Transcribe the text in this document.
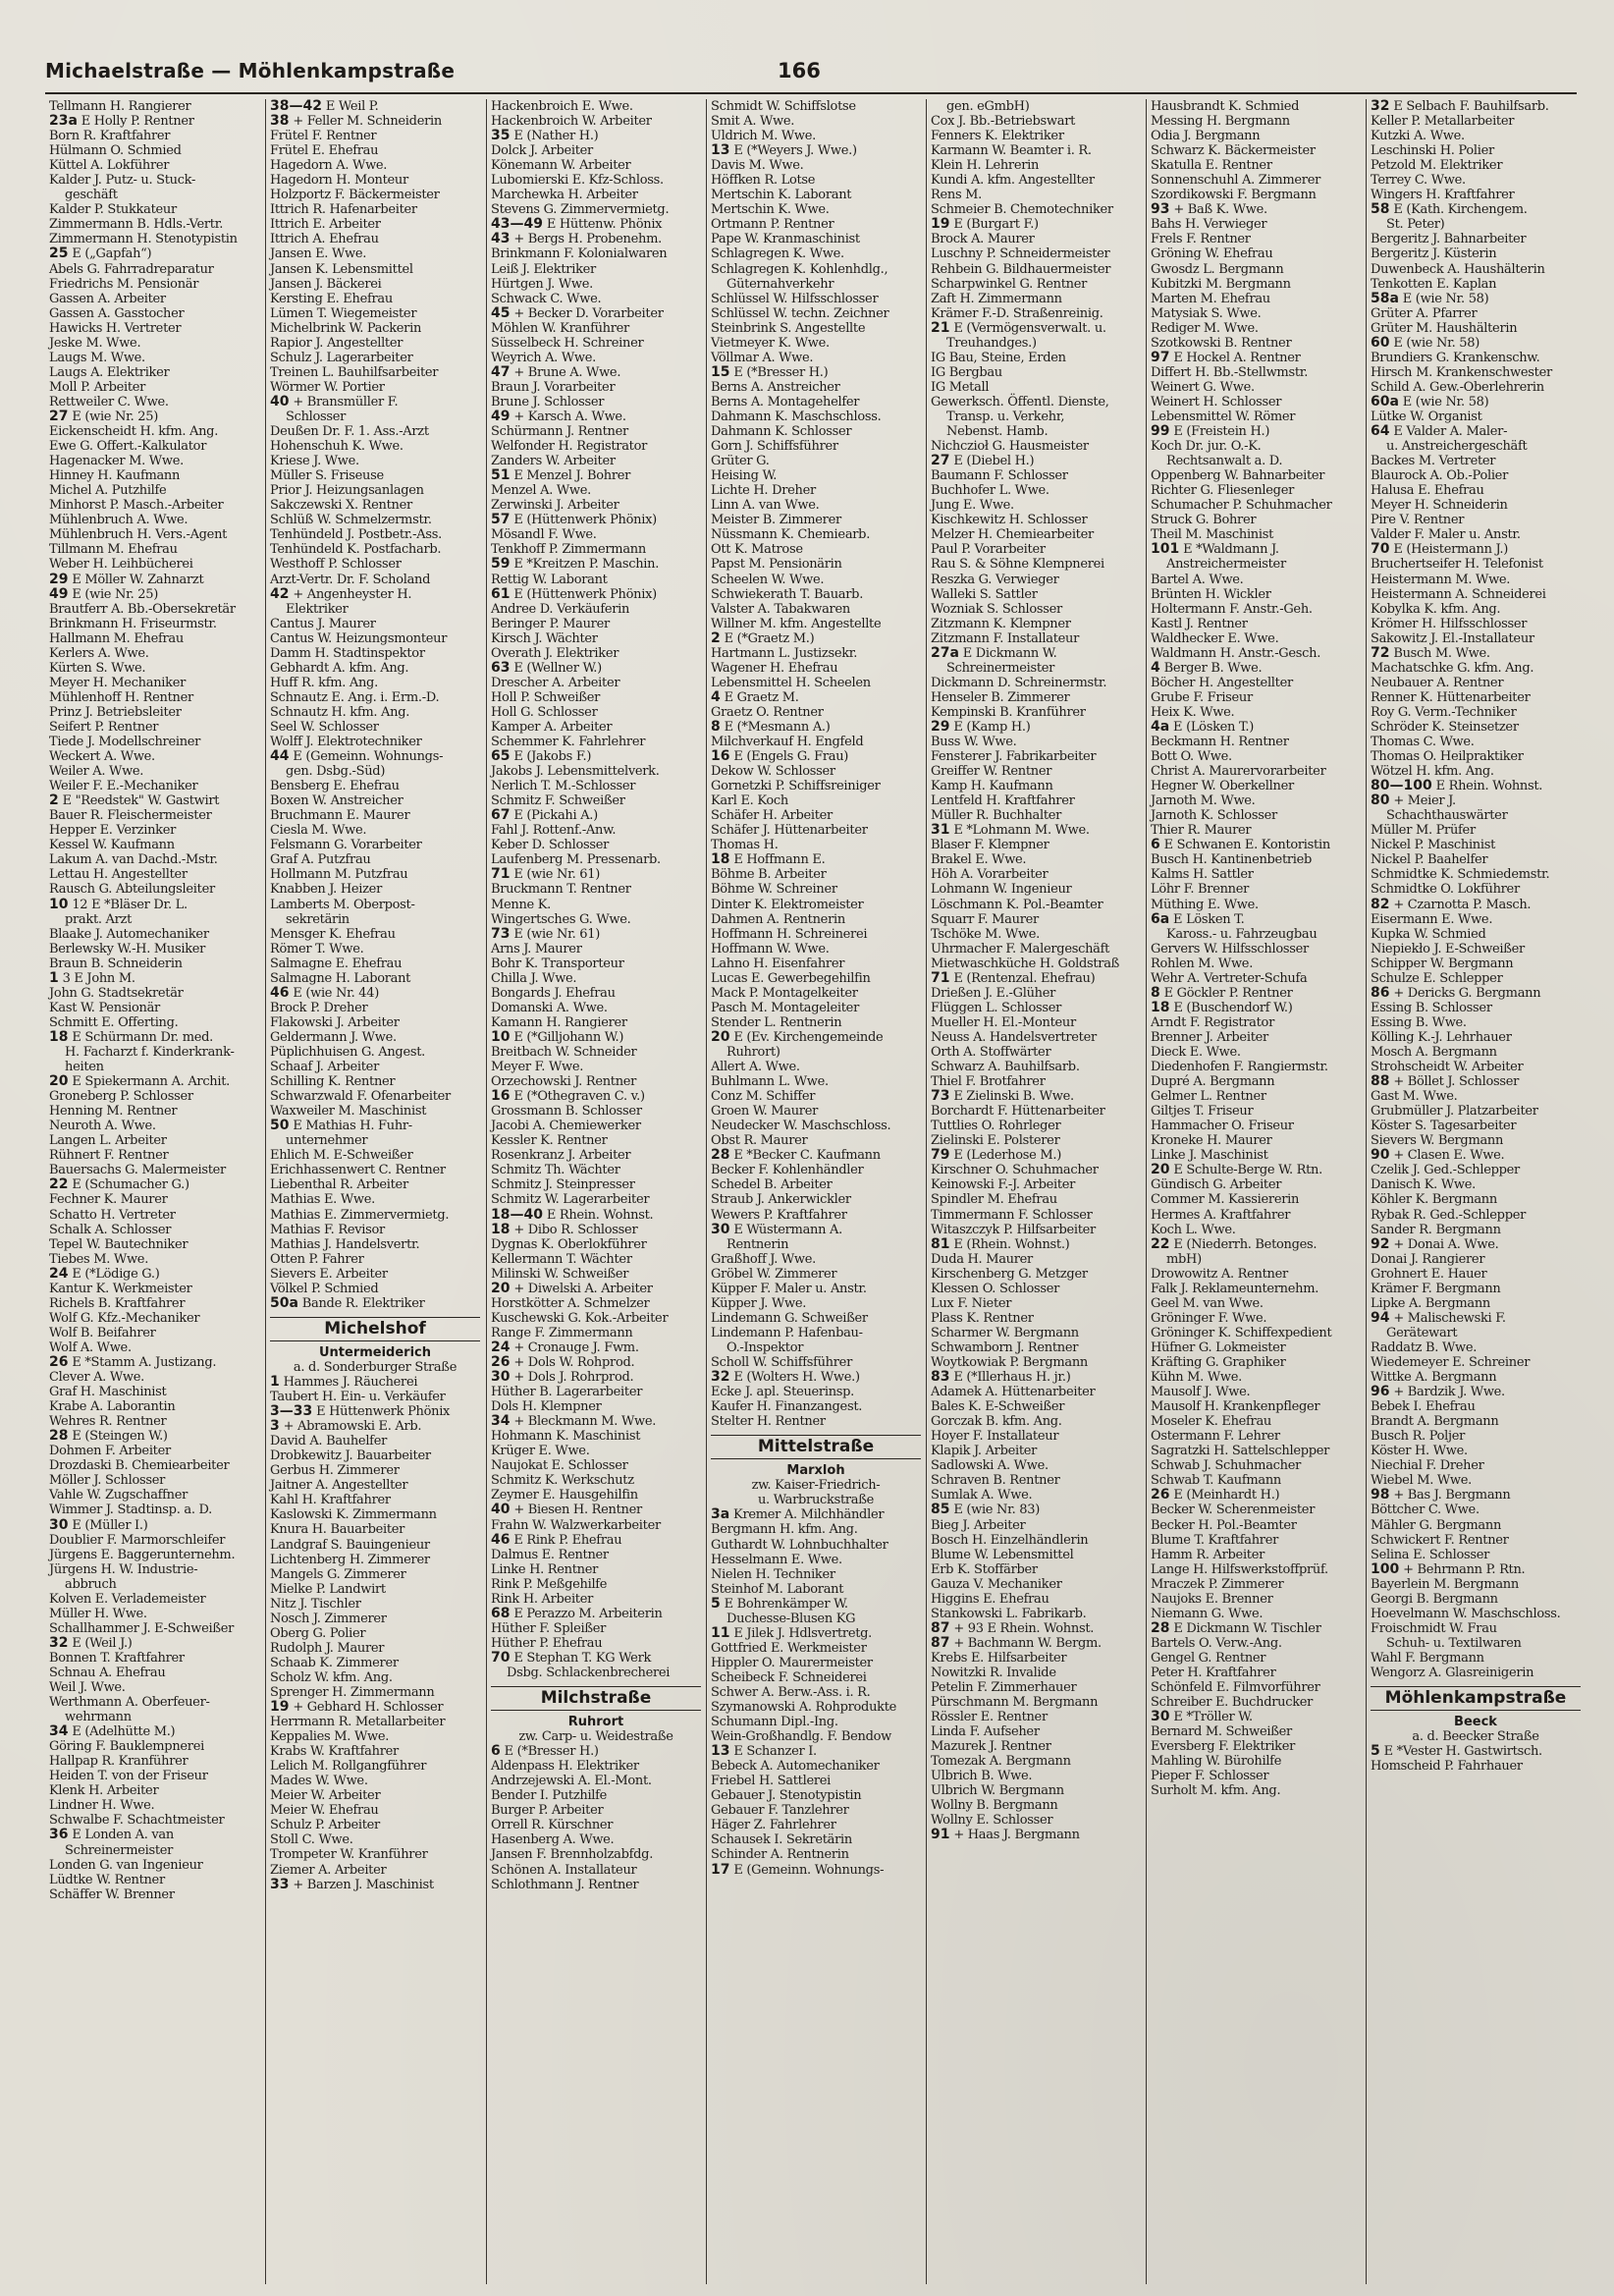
Michaelstraße — Möhlenkampstraße	166
Tellmann H. Rangierer
23a E Holly P. Rentner
Born R. Kraftfahrer
Hülmann O. Schmied
Küttel A. Lokführer
Kalder J. Putz- u. Stuck-
geschäft
Kalder P. Stukkateur
Zimmermann B. Hdls.-Vertr.
Zimmermann H. Stenotypistin
25 E („Gapfah“)
Abels G. Fahrradreparatur
Friedrichs M. Pensionär
Gassen A. Arbeiter
Gassen A. Gasstocher
Hawicks H. Vertreter
Jeske M. Wwe.
Laugs M. Wwe.
Laugs A. Elektriker
Moll P. Arbeiter
Rettweiler C. Wwe.
27 E (wie Nr. 25)
Eickenscheidt H. kfm. Ang.
Ewe G. Offert.-Kalkulator
Hagenacker M. Wwe.
Hinney H. Kaufmann
Michel A. Putzhilfe
Minhorst P. Masch.-Arbeiter
Mühlenbruch A. Wwe.
Mühlenbruch H. Vers.-Agent
Tillmann M. Ehefrau
Weber H. Leihbücherei
29 E Möller W. Zahnarzt
49 E (wie Nr. 25)
Brautferr A. Bb.-Obersekretär
Brinkmann H. Friseurmstr.
Hallmann M. Ehefrau
Kerlers A. Wwe.
Kürten S. Wwe.
Meyer H. Mechaniker
Mühlenhoff H. Rentner
Prinz J. Betriebsleiter
Seifert P. Rentner
Tiede J. Modellschreiner
Weckert A. Wwe.
Weiler A. Wwe.
Weiler F. E.-Mechaniker
2 E "Reedstek" W. Gastwirt
Bauer R. Fleischermeister
Hepper E. Verzinker
Kessel W. Kaufmann
Lakum A. van Dachd.-Mstr.
Lettau H. Angestellter
Rausch G. Abteilungsleiter
10 12 E *Bläser Dr. L.
prakt. Arzt
Blaake J. Automechaniker
Berlewsky W.-H. Musiker
Braun B. Schneiderin
1 3 E John M.
John G. Stadtsekretär
Kast W. Pensionär
Schmitt E. Offerting.
18 E Schürmann Dr. med.
H. Facharzt f. Kinderkrank-
heiten
20 E Spiekermann A. Archit.
Groneberg P. Schlosser
Henning M. Rentner
Neuroth A. Wwe.
Langen L. Arbeiter
Rühnert F. Rentner
Bauersachs G. Malermeister
22 E (Schumacher G.)
Fechner K. Maurer
Schatto H. Vertreter
Schalk A. Schlosser
Tepel W. Bautechniker
Tiebes M. Wwe.
24 E (*Lödige G.)
Kantur K. Werkmeister
Richels B. Kraftfahrer
Wolf G. Kfz.-Mechaniker
Wolf B. Beifahrer
Wolf A. Wwe.
26 E *Stamm A. Justizang.
Clever A. Wwe.
Graf H. Maschinist
Krabe A. Laborantin
Wehres R. Rentner
28 E (Steingen W.)
Dohmen F. Arbeiter
Drozdaski B. Chemiearbeiter
Möller J. Schlosser
Vahle W. Zugschaffner
Wimmer J. Stadtinsp. a. D.
30 E (Müller I.)
Doublier F. Marmorschleifer
Jürgens E. Baggerunternehm.
Jürgens H. W. Industrie-
abbruch
Kolven E. Verlademeister
Müller H. Wwe.
Schallhammer J. E-Schweißer
32 E (Weil J.)
Bonnen T. Kraftfahrer
Schnau A. Ehefrau
Weil J. Wwe.
Werthmann A. Oberfeuer-
wehrmann
34 E (Adelhütte M.)
Göring F. Bauklempnerei
Hallpap R. Kranführer
Heiden T. von der Friseur
Klenk H. Arbeiter
Lindner H. Wwe.
Schwalbe F. Schachtmeister
36 E Londen A. van
Schreinermeister
Londen G. van Ingenieur
Lüdtke W. Rentner
Schäffer W. Brenner
38—42 E Weil P.
38 + Feller M. Schneiderin
Frütel F. Rentner
Frütel E. Ehefrau
Hagedorn A. Wwe.
Hagedorn H. Monteur
Holzportz F. Bäckermeister
Ittrich R. Hafenarbeiter
Ittrich E. Arbeiter
Ittrich A. Ehefrau
Jansen E. Wwe.
Jansen K. Lebensmittel
Jansen J. Bäckerei
Kersting E. Ehefrau
Lümen T. Wiegemeister
Michelbrink W. Packerin
Rapior J. Angestellter
Schulz J. Lagerarbeiter
Treinen L. Bauhilfsarbeiter
Wörmer W. Portier
40 + Bransmüller F.
Schlosser
Deußen Dr. F. 1. Ass.-Arzt
Hohenschuh K. Wwe.
Kriese J. Wwe.
Müller S. Friseuse
Prior J. Heizungsanlagen
Sakczewski X. Rentner
Schlüß W. Schmelzermstr.
Tenhündeld J. Postbetr.-Ass.
Tenhündeld K. Postfacharb.
Westhoff P. Schlosser
Arzt-Vertr. Dr. F. Scholand
42 + Angenheyster H.
Elektriker
Cantus J. Maurer
Cantus W. Heizungsmonteur
Damm H. Stadtinspektor
Gebhardt A. kfm. Ang.
Huff R. kfm. Ang.
Schnautz E. Ang. i. Erm.-D.
Schnautz H. kfm. Ang.
Seel W. Schlosser
Wolff J. Elektrotechniker
44 E (Gemeinn. Wohnungs-
gen. Dsbg.-Süd)
Bensberg E. Ehefrau
Boxen W. Anstreicher
Bruchmann E. Maurer
Ciesla M. Wwe.
Felsmann G. Vorarbeiter
Graf A. Putzfrau
Hollmann M. Putzfrau
Knabben J. Heizer
Lamberts M. Oberpost-
sekretärin
Mensger K. Ehefrau
Römer T. Wwe.
Salmagne E. Ehefrau
Salmagne H. Laborant
46 E (wie Nr. 44)
Brock P. Dreher
Flakowski J. Arbeiter
Geldermann J. Wwe.
Püplichhuisen G. Angest.
Schaaf J. Arbeiter
Schilling K. Rentner
Schwarzwald F. Ofenarbeiter
Waxweiler M. Maschinist
50 E Mathias H. Fuhr-
unternehmer
Ehlich M. E-Schweißer
Erichhassenwert C. Rentner
Liebenthal R. Arbeiter
Mathias E. Wwe.
Mathias E. Zimmervermietg.
Mathias F. Revisor
Mathias J. Handelsvertr.
Otten P. Fahrer
Sievers E. Arbeiter
Völkel P. Schmied
50a Bande R. Elektriker
Michelshof
Untermeiderich
a. d. Sonderburger Straße
1 Hammes J. Räucherei
Taubert H. Ein- u. Verkäufer
3—33 E Hüttenwerk Phönix
3 + Abramowski E. Arb.
David A. Bauhelfer
Drobkewitz J. Bauarbeiter
Gerbus H. Zimmerer
Jaitner A. Angestellter
Kahl H. Kraftfahrer
Kaslowski K. Zimmermann
Knura H. Bauarbeiter
Landgraf S. Bauingenieur
Lichtenberg H. Zimmerer
Mangels G. Zimmerer
Mielke P. Landwirt
Nitz J. Tischler
Nosch J. Zimmerer
Oberg G. Polier
Rudolph J. Maurer
Schaab K. Zimmerer
Scholz W. kfm. Ang.
Sprenger H. Zimmermann
19 + Gebhard H. Schlosser
Herrmann R. Metallarbeiter
Keppalies M. Wwe.
Krabs W. Kraftfahrer
Lelich M. Rollgangführer
Mades W. Wwe.
Meier W. Arbeiter
Meier W. Ehefrau
Schulz P. Arbeiter
Stoll C. Wwe.
Trompeter W. Kranführer
Ziemer A. Arbeiter
33 + Barzen J. Maschinist
Hackenbroich E. Wwe.
Hackenbroich W. Arbeiter
35 E (Nather H.)
Dolck J. Arbeiter
Könemann W. Arbeiter
Lubomierski E. Kfz-Schloss.
Marchewka H. Arbeiter
Stevens G. Zimmervermietg.
43—49 E Hüttenw. Phönix
43 + Bergs H. Probenehm.
Brinkmann F. Kolonialwaren
Leiß J. Elektriker
Hürtgen J. Wwe.
Schwack C. Wwe.
45 + Becker D. Vorarbeiter
Möhlen W. Kranführer
Süsselbeck H. Schreiner
Weyrich A. Wwe.
47 + Brune A. Wwe.
Braun J. Vorarbeiter
Brune J. Schlosser
49 + Karsch A. Wwe.
Schürmann J. Rentner
Welfonder H. Registrator
Zanders W. Arbeiter
51 E Menzel J. Bohrer
Menzel A. Wwe.
Zerwinski J. Arbeiter
57 E (Hüttenwerk Phönix)
Mösandl F. Wwe.
Tenkhoff P. Zimmermann
59 E *Kreitzen P. Maschin.
Rettig W. Laborant
61 E (Hüttenwerk Phönix)
Andree D. Verkäuferin
Beringer P. Maurer
Kirsch J. Wächter
Overath J. Elektriker
63 E (Wellner W.)
Drescher A. Arbeiter
Holl P. Schweißer
Holl G. Schlosser
Kamper A. Arbeiter
Schemmer K. Fahrlehrer
65 E (Jakobs F.)
Jakobs J. Lebensmittelverk.
Nerlich T. M.-Schlosser
Schmitz F. Schweißer
67 E (Pickahi A.)
Fahl J. Rottenf.-Anw.
Keber D. Schlosser
Laufenberg M. Pressenarb.
71 E (wie Nr. 61)
Bruckmann T. Rentner
Menne K.
Wingertsches G. Wwe.
73 E (wie Nr. 61)
Arns J. Maurer
Bohr K. Transporteur
Chilla J. Wwe.
Bongards J. Ehefrau
Domanski A. Wwe.
Kamann H. Rangierer
10 E (*Gilljohann W.)
Breitbach W. Schneider
Meyer F. Wwe.
Orzechowski J. Rentner
16 E (*Othegraven C. v.)
Grossmann B. Schlosser
Jacobi A. Chemiewerker
Kessler K. Rentner
Rosenkranz J. Arbeiter
Schmitz Th. Wächter
Schmitz J. Steinpresser
Schmitz W. Lagerarbeiter
18—40 E Rhein. Wohnst.
18 + Dibo R. Schlosser
Dygnas K. Oberlokführer
Kellermann T. Wächter
Milinski W. Schweißer
20 + Diwelski A. Arbeiter
Horstkötter A. Schmelzer
Kuschewski G. Kok.-Arbeiter
Range F. Zimmermann
24 + Cronauge J. Fwm.
26 + Dols W. Rohprod.
30 + Dols J. Rohrprod.
Hüther B. Lagerarbeiter
Dols H. Klempner
34 + Bleckmann M. Wwe.
Hohmann K. Maschinist
Krüger E. Wwe.
Naujokat E. Schlosser
Schmitz K. Werkschutz
Zeymer E. Hausgehilfin
40 + Biesen H. Rentner
Frahn W. Walzwerkarbeiter
46 E Rink P. Ehefrau
Dalmus E. Rentner
Linke H. Rentner
Rink P. Meßgehilfe
Rink H. Arbeiter
68 E Perazzo M. Arbeiterin
Hüther F. Spleißer
Hüther P. Ehefrau
70 E Stephan T. KG Werk
Dsbg. Schlackenbrecherei
Milchstraße
Ruhrort
zw. Carp- u. Weidestraße
6 E (*Bresser H.)
Aldenpass H. Elektriker
Andrzejewski A. El.-Mont.
Bender I. Putzhilfe
Burger P. Arbeiter
Orrell R. Kürschner
Hasenberg A. Wwe.
Jansen F. Brennholzabfdg.
Schönen A. Installateur
Schlothmann J. Rentner
Schmidt W. Schiffslotse
Smit A. Wwe.
Uldrich M. Wwe.
13 E (*Weyers J. Wwe.)
Davis M. Wwe.
Höffken R. Lotse
Mertschin K. Laborant
Mertschin K. Wwe.
Ortmann P. Rentner
Pape W. Kranmaschinist
Schlagregen K. Wwe.
Schlagregen K. Kohlenhdlg.,
Güternahverkehr
Schlüssel W. Hilfsschlosser
Schlüssel W. techn. Zeichner
Steinbrink S. Angestellte
Vietmeyer K. Wwe.
Völlmar A. Wwe.
15 E (*Bresser H.)
Berns A. Anstreicher
Berns A. Montagehelfer
Dahmann K. Maschschloss.
Dahmann K. Schlosser
Gorn J. Schiffsführer
Grüter G.
Heising W.
Lichte H. Dreher
Linn A. van Wwe.
Meister B. Zimmerer
Nüssmann K. Chemiearb.
Ott K. Matrose
Papst M. Pensionärin
Scheelen W. Wwe.
Schwiekerath T. Bauarb.
Valster A. Tabakwaren
Willner M. kfm. Angestellte
2 E (*Graetz M.)
Hartmann L. Justizsekr.
Wagener H. Ehefrau
Lebensmittel H. Scheelen
4 E Graetz M.
Graetz O. Rentner
8 E (*Mesmann A.)
Milchverkauf H. Engfeld
16 E (Engels G. Frau)
Dekow W. Schlosser
Gornetzki P. Schiffsreiniger
Karl E. Koch
Schäfer H. Arbeiter
Schäfer J. Hüttenarbeiter
Thomas H.
18 E Hoffmann E.
Böhme B. Arbeiter
Böhme W. Schreiner
Dinter K. Elektromeister
Dahmen A. Rentnerin
Hoffmann H. Schreinerei
Hoffmann W. Wwe.
Lahno H. Eisenfahrer
Lucas E. Gewerbegehilfin
Mack P. Montagelkeiter
Pasch M. Montageleiter
Stender L. Rentnerin
20 E (Ev. Kirchengemeinde
Ruhrort)
Allert A. Wwe.
Buhlmann L. Wwe.
Conz M. Schiffer
Groen W. Maurer
Neudecker W. Maschschloss.
Obst R. Maurer
28 E *Becker C. Kaufmann
Becker F. Kohlenhändler
Schedel B. Arbeiter
Straub J. Ankerwickler
Wewers P. Kraftfahrer
30 E Wüstermann A.
Rentnerin
Graßhoff J. Wwe.
Gröbel W. Zimmerer
Küpper F. Maler u. Anstr.
Küpper J. Wwe.
Lindemann G. Schweißer
Lindemann P. Hafenbau-
O.-Inspektor
Scholl W. Schiffsführer
32 E (Wolters H. Wwe.)
Ecke J. apl. Steuerinsp.
Kaufer H. Finanzangest.
Stelter H. Rentner
Mittelstraße
Marxloh
zw. Kaiser-Friedrich-
u. Warbruckstraße
3a Kremer A. Milchhändler
Bergmann H. kfm. Ang.
Guthardt W. Lohnbuchhalter
Hesselmann E. Wwe.
Nielen H. Techniker
Steinhof M. Laborant
5 E Bohrenkämper W.
Duchesse-Blusen KG
11 E Jilek J. Hdlsvertretg.
Gottfried E. Werkmeister
Hippler O. Maurermeister
Scheibeck F. Schneiderei
Schwer A. Berw.-Ass. i. R.
Szymanowski A. Rohprodukte
Schumann Dipl.-Ing.
Wein-Großhandlg. F. Bendow
13 E Schanzer I.
Bebeck A. Automechaniker
Friebel H. Sattlerei
Gebauer J. Stenotypistin
Gebauer F. Tanzlehrer
Häger Z. Fahrlehrer
Schausek I. Sekretärin
Schinder A. Rentnerin
17 E (Gemeinn. Wohnungs-
gen. eGmbH)
Cox J. Bb.-Betriebswart
Fenners K. Elektriker
Karmann W. Beamter i. R.
Klein H. Lehrerin
Kundi A. kfm. Angestellter
Rens M.
Schmeier B. Chemotechniker
19 E (Burgart F.)
Brock A. Maurer
Luschny P. Schneidermeister
Rehbein G. Bildhauermeister
Scharpwinkel G. Rentner
Zaft H. Zimmermann
Krämer F.-D. Straßenreinig.
21 E (Vermögensverwalt. u.
Treuhandges.)
IG Bau, Steine, Erden
IG Bergbau
IG Metall
Gewerksch. Öffentl. Dienste,
Transp. u. Verkehr,
Nebenst. Hamb.
Nichczioł G. Hausmeister
27 E (Diebel H.)
Baumann F. Schlosser
Buchhofer L. Wwe.
Jung E. Wwe.
Kischkewitz H. Schlosser
Melzer H. Chemiearbeiter
Paul P. Vorarbeiter
Rau S. & Söhne Klempnerei
Reszka G. Verwieger
Walleki S. Sattler
Wozniak S. Schlosser
Zitzmann K. Klempner
Zitzmann F. Installateur
27a E Dickmann W.
Schreinermeister
Dickmann D. Schreinermstr.
Henseler B. Zimmerer
Kempinski B. Kranführer
29 E (Kamp H.)
Buss W. Wwe.
Fensterer J. Fabrikarbeiter
Greiffer W. Rentner
Kamp H. Kaufmann
Lentfeld H. Kraftfahrer
Müller R. Buchhalter
31 E *Lohmann M. Wwe.
Blaser F. Klempner
Brakel E. Wwe.
Höh A. Vorarbeiter
Lohmann W. Ingenieur
Löschmann K. Pol.-Beamter
Squarr F. Maurer
Tschöke M. Wwe.
Uhrmacher F. Malergeschäft
Mietwaschküche H. Goldstraß
71 E (Rentenzal. Ehefrau)
Drießen J. E.-Glüher
Flüggen L. Schlosser
Mueller H. El.-Monteur
Neuss A. Handelsvertreter
Orth A. Stoffwärter
Schwarz A. Bauhilfsarb.
Thiel F. Brotfahrer
73 E Zielinski B. Wwe.
Borchardt F. Hüttenarbeiter
Tuttlies O. Rohrleger
Zielinski E. Polsterer
79 E (Lederhose M.)
Kirschner O. Schuhmacher
Keinowski F.-J. Arbeiter
Spindler M. Ehefrau
Timmermann F. Schlosser
Witaszczyk P. Hilfsarbeiter
81 E (Rhein. Wohnst.)
Duda H. Maurer
Kirschenberg G. Metzger
Klessen O. Schlosser
Lux F. Nieter
Plass K. Rentner
Scharmer W. Bergmann
Schwamborn J. Rentner
Woytkowiak P. Bergmann
83 E (*Illerhaus H. jr.)
Adamek A. Hüttenarbeiter
Bales K. E-Schweißer
Gorczak B. kfm. Ang.
Hoyer F. Installateur
Klapik J. Arbeiter
Sadlowski A. Wwe.
Schraven B. Rentner
Sumlak A. Wwe.
85 E (wie Nr. 83)
Bieg J. Arbeiter
Bosch H. Einzelhändlerin
Blume W. Lebensmittel
Erb K. Stoffärber
Gauza V. Mechaniker
Higgins E. Ehefrau
Stankowski L. Fabrikarb.
87 + 93 E Rhein. Wohnst.
87 + Bachmann W. Bergm.
Krebs E. Hilfsarbeiter
Nowitzki R. Invalide
Petelin F. Zimmerhauer
Pürschmann M. Bergmann
Rössler E. Rentner
Linda F. Aufseher
Mazurek J. Rentner
Tomezak A. Bergmann
Ulbrich B. Wwe.
Ulbrich W. Bergmann
Wollny B. Bergmann
Wollny E. Schlosser
91 + Haas J. Bergmann
Hausbrandt K. Schmied
Messing H. Bergmann
Odia J. Bergmann
Schwarz K. Bäckermeister
Skatulla E. Rentner
Sonnenschuhl A. Zimmerer
Szordikowski F. Bergmann
93 + Baß K. Wwe.
Bahs H. Verwieger
Frels F. Rentner
Gröning W. Ehefrau
Gwosdz L. Bergmann
Kubitzki M. Bergmann
Marten M. Ehefrau
Matysiak S. Wwe.
Rediger M. Wwe.
Szotkowski B. Rentner
97 E Hockel A. Rentner
Differt H. Bb.-Stellwmstr.
Weinert G. Wwe.
Weinert H. Schlosser
Lebensmittel W. Römer
99 E (Freistein H.)
Koch Dr. jur. O.-K.
Rechtsanwalt a. D.
Oppenberg W. Bahnarbeiter
Richter G. Fliesenleger
Schumacher P. Schuhmacher
Struck G. Bohrer
Theil M. Maschinist
101 E *Waldmann J.
Anstreichermeister
Bartel A. Wwe.
Brünten H. Wickler
Holtermann F. Anstr.-Geh.
Kastl J. Rentner
Waldhecker E. Wwe.
Waldmann H. Anstr.-Gesch.
4 Berger B. Wwe.
Böcher H. Angestellter
Grube F. Friseur
Heix K. Wwe.
4a E (Lösken T.)
Beckmann H. Rentner
Bott O. Wwe.
Christ A. Maurervorarbeiter
Hegner W. Oberkellner
Jarnoth M. Wwe.
Jarnoth K. Schlosser
Thier R. Maurer
6 E Schwanen E. Kontoristin
Busch H. Kantinenbetrieb
Kalms H. Sattler
Löhr F. Brenner
Müthing E. Wwe.
6a E Lösken T.
Kaross.- u. Fahrzeugbau
Gervers W. Hilfsschlosser
Rohlen M. Wwe.
Wehr A. Vertreter-Schufa
8 E Göckler P. Rentner
18 E (Buschendorf W.)
Arndt F. Registrator
Brenner J. Arbeiter
Dieck E. Wwe.
Diedenhofen F. Rangiermstr.
Dupré A. Bergmann
Gelmer L. Rentner
Giltjes T. Friseur
Hammacher O. Friseur
Kroneke H. Maurer
Linke J. Maschinist
20 E Schulte-Berge W. Rtn.
Gündisch G. Arbeiter
Commer M. Kassiererin
Hermes A. Kraftfahrer
Koch L. Wwe.
22 E (Niederrh. Betonges.
mbH)
Drowowitz A. Rentner
Falk J. Reklameunternehm.
Geel M. van Wwe.
Gröninger F. Wwe.
Gröninger K. Schiffexpedient
Hüfner G. Lokmeister
Kräfting G. Graphiker
Kühn M. Wwe.
Mausolf J. Wwe.
Mausolf H. Krankenpfleger
Moseler K. Ehefrau
Ostermann F. Lehrer
Sagratzki H. Sattelschlepper
Schwab J. Schuhmacher
Schwab T. Kaufmann
26 E (Meinhardt H.)
Becker W. Scherenmeister
Becker H. Pol.-Beamter
Blume T. Kraftfahrer
Hamm R. Arbeiter
Lange H. Hilfswerkstoffprüf.
Mraczek P. Zimmerer
Naujoks E. Brenner
Niemann G. Wwe.
28 E Dickmann W. Tischler
Bartels O. Verw.-Ang.
Gengel G. Rentner
Peter H. Kraftfahrer
Schönfeld E. Filmvorführer
Schreiber E. Buchdrucker
30 E *Tröller W.
Bernard M. Schweißer
Eversberg F. Elektriker
Mahling W. Bürohilfe
Pieper F. Schlosser
Surholt M. kfm. Ang.
32 E Selbach F. Bauhilfsarb.
Keller P. Metallarbeiter
Kutzki A. Wwe.
Leschinski H. Polier
Petzold M. Elektriker
Terrey C. Wwe.
Wingers H. Kraftfahrer
58 E (Kath. Kirchengem.
St. Peter)
Bergeritz J. Bahnarbeiter
Bergeritz J. Küsterin
Duwenbeck A. Haushälterin
Tenkotten E. Kaplan
58a E (wie Nr. 58)
Grüter A. Pfarrer
Grüter M. Haushälterin
60 E (wie Nr. 58)
Brundiers G. Krankenschw.
Hirsch M. Krankenschwester
Schild A. Gew.-Oberlehrerin
60a E (wie Nr. 58)
Lütke W. Organist
64 E Valder A. Maler-
u. Anstreichergeschäft
Backes M. Vertreter
Blaurock A. Ob.-Polier
Halusa E. Ehefrau
Meyer H. Schneiderin
Pire V. Rentner
Valder F. Maler u. Anstr.
70 E (Heistermann J.)
Bruchertseifer H. Telefonist
Heistermann M. Wwe.
Heistermann A. Schneiderei
Kobylka K. kfm. Ang.
Krömer H. Hilfsschlosser
Sakowitz J. El.-Installateur
72 Busch M. Wwe.
Machatschke G. kfm. Ang.
Neubauer A. Rentner
Renner K. Hüttenarbeiter
Roy G. Verm.-Techniker
Schröder K. Steinsetzer
Thomas C. Wwe.
Thomas O. Heilpraktiker
Wötzel H. kfm. Ang.
80—100 E Rhein. Wohnst.
80 + Meier J.
Schachthauswärter
Müller M. Prüfer
Nickel P. Maschinist
Nickel P. Baahelfer
Schmidtke K. Schmiedemstr.
Schmidtke O. Lokführer
82 + Czarnotta P. Masch.
Eisermann E. Wwe.
Kupka W. Schmied
Niepiekło J. E-Schweißer
Schipper W. Bergmann
Schulze E. Schlepper
86 + Dericks G. Bergmann
Essing B. Schlosser
Essing B. Wwe.
Kölling K.-J. Lehrhauer
Mosch A. Bergmann
Strohscheidt W. Arbeiter
88 + Böllet J. Schlosser
Gast M. Wwe.
Grubmüller J. Platzarbeiter
Köster S. Tagesarbeiter
Sievers W. Bergmann
90 + Clasen E. Wwe.
Czelik J. Ged.-Schlepper
Danisch K. Wwe.
Köhler K. Bergmann
Rybak R. Ged.-Schlepper
Sander R. Bergmann
92 + Donai A. Wwe.
Donai J. Rangierer
Grohnert E. Hauer
Krämer F. Bergmann
Lipke A. Bergmann
94 + Malischewski F.
Gerätewart
Raddatz B. Wwe.
Wiedemeyer E. Schreiner
Wittke A. Bergmann
96 + Bardzik J. Wwe.
Bebek I. Ehefrau
Brandt A. Bergmann
Busch R. Poljer
Köster H. Wwe.
Niechial F. Dreher
Wiebel M. Wwe.
98 + Bas J. Bergmann
Böttcher C. Wwe.
Mähler G. Bergmann
Schwickert F. Rentner
Selina E. Schlosser
100 + Behrmann P. Rtn.
Bayerlein M. Bergmann
Georgi B. Bergmann
Hoevelmann W. Maschschloss.
Froischmidt W. Frau
Schuh- u. Textilwaren
Wahl F. Bergmann
Wengorz A. Glasreinigerin
Möhlenkampstraße
Beeck
a. d. Beecker Straße
5 E *Vester H. Gastwirtsch.
Homscheid P. Fahrhauer
